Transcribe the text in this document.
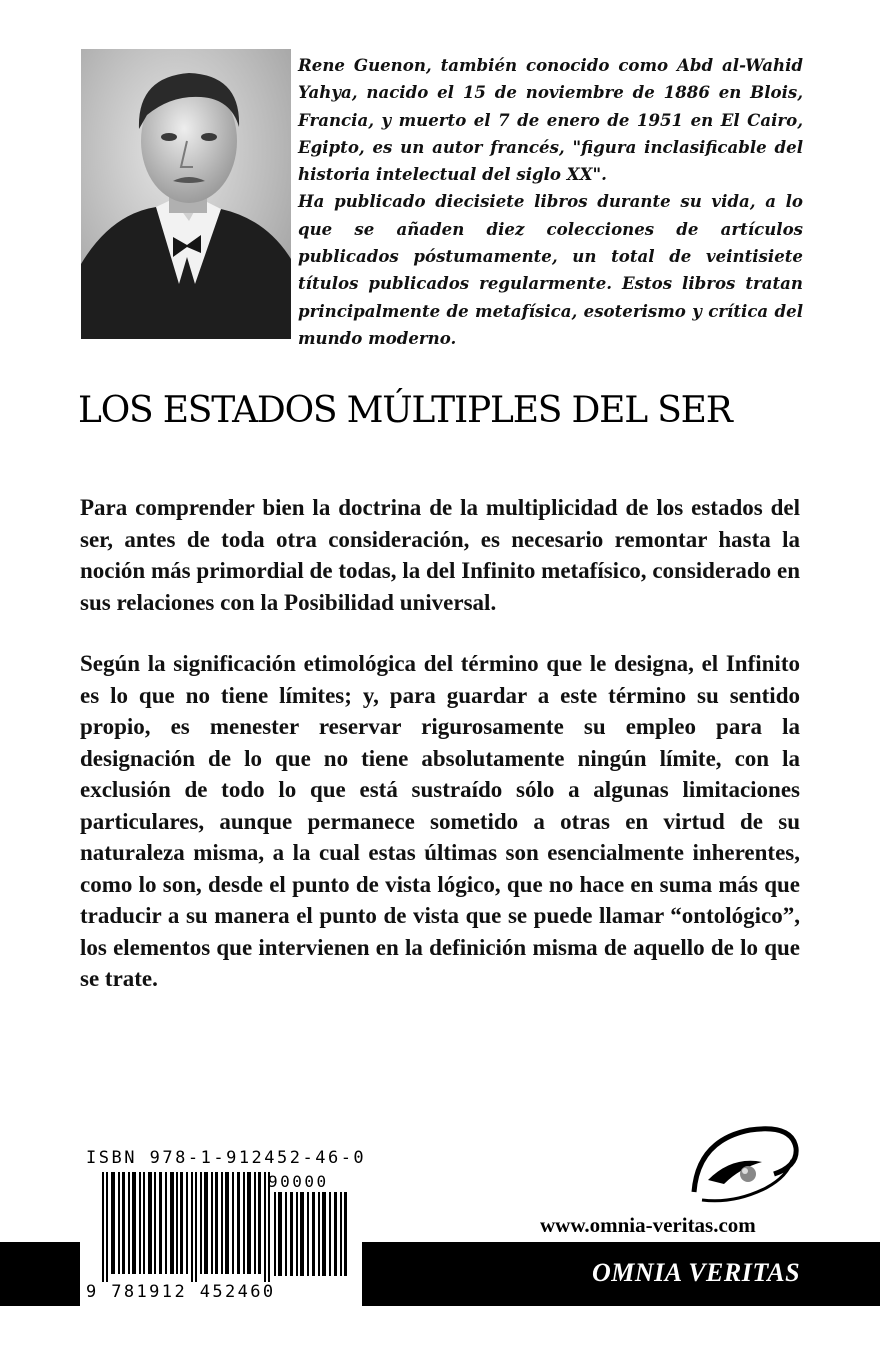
Rene Guenon, también conocido como Abd al-Wahid Yahya, nacido el 15 de noviembre de 1886 en Blois, Francia, y muerto el 7 de enero de 1951 en El Cairo, Egipto, es un autor francés, "figura inclasificable del historia intelectual del siglo XX".

Ha publicado diecisiete libros durante su vida, a lo que se añaden diez colecciones de artículos publicados póstumamente, un total de veintisiete títulos publicados regularmente. Estos libros tratan principalmente de metafísica, esoterismo y crítica del mundo moderno.

LOS ESTADOS MÚLTIPLES DEL SER

Para comprender bien la doctrina de la multiplicidad de los estados del ser, antes de toda otra consideración, es necesario remontar hasta la noción más primordial de todas, la del Infinito metafísico, considerado en sus relaciones con la Posibilidad universal.

Según la significación etimológica del término que le designa, el Infinito es lo que no tiene límites; y, para guardar a este término su sentido propio, es menester reservar rigurosamente su empleo para la designación de lo que no tiene absolutamente ningún límite, con la exclusión de todo lo que está sustraído sólo a algunas limitaciones particulares, aunque permanece sometido a otras en virtud de su naturaleza misma, a la cual estas últimas son esencialmente inherentes, como lo son, desde el punto de vista lógico, que no hace en suma más que traducir a su manera el punto de vista que se puede llamar “ontológico”, los elementos que intervienen en la definición misma de aquello de lo que se trate.

ISBN 978-1-912452-46-0
90000
9 781912 452460
www.omnia-veritas.com
OMNIA VERITAS
